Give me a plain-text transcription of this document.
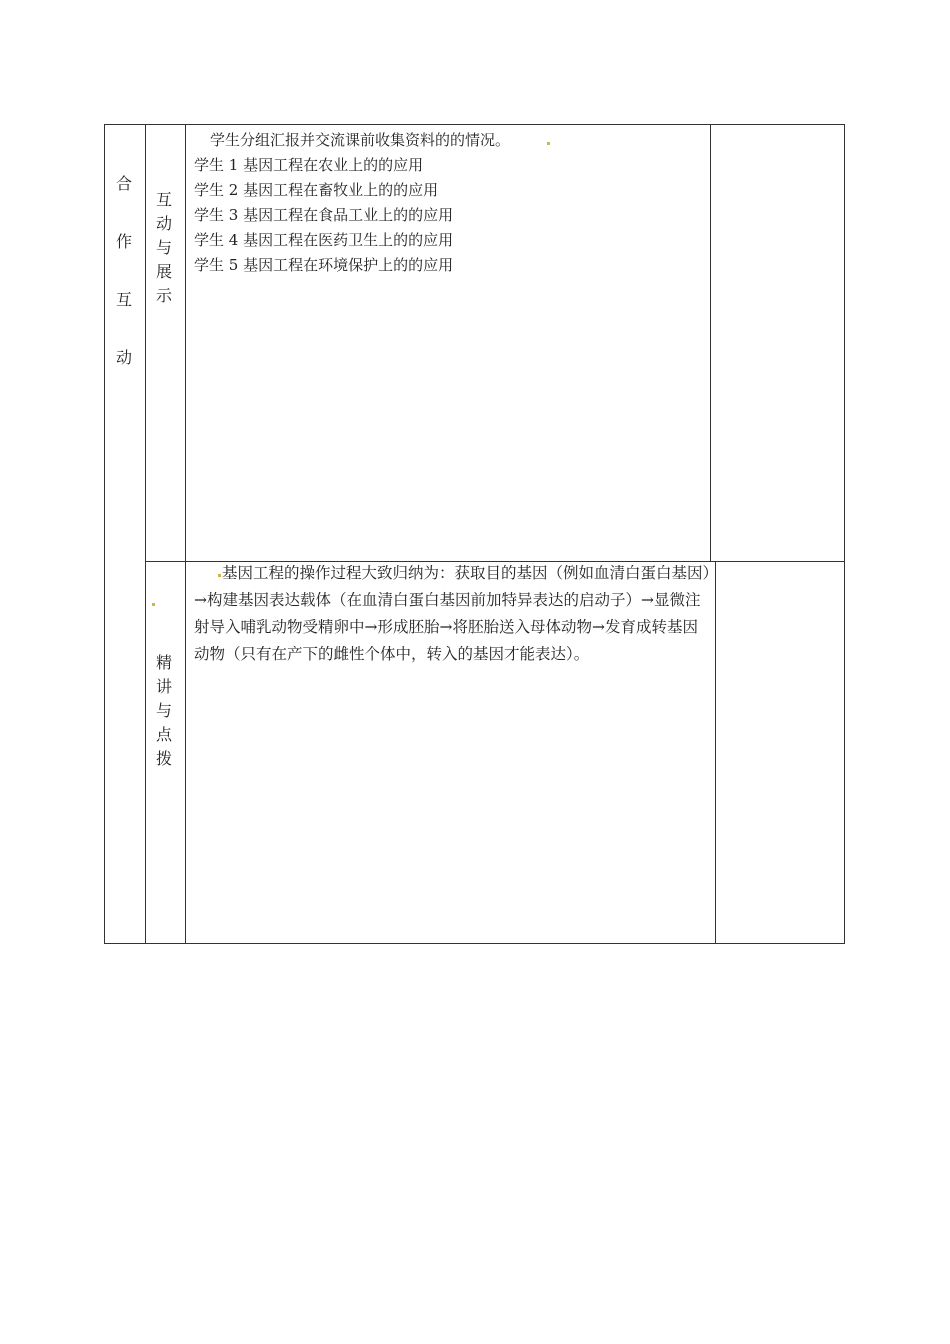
合
作
互
动
互
动
与
展
示
学生分组汇报并交流课前收集资料的的情况。
学生 1 基因工程在农业上的的应用
学生 2 基因工程在畜牧业上的的应用
学生 3 基因工程在食品工业上的的应用
学生 4 基因工程在医药卫生上的的应用
学生 5 基因工程在环境保护上的的应用
精
讲
与
点
拨

基因工程的操作过程大致归纳为：获取目的基因（例如血清白蛋白基因）→构建基因表达载体（在血清白蛋白基因前加特异表达的启动子）→显微注射导入哺乳动物受精卵中→形成胚胎→将胚胎送入母体动物→发育成转基因动物（只有在产下的雌性个体中，转入的基因才能表达）。
